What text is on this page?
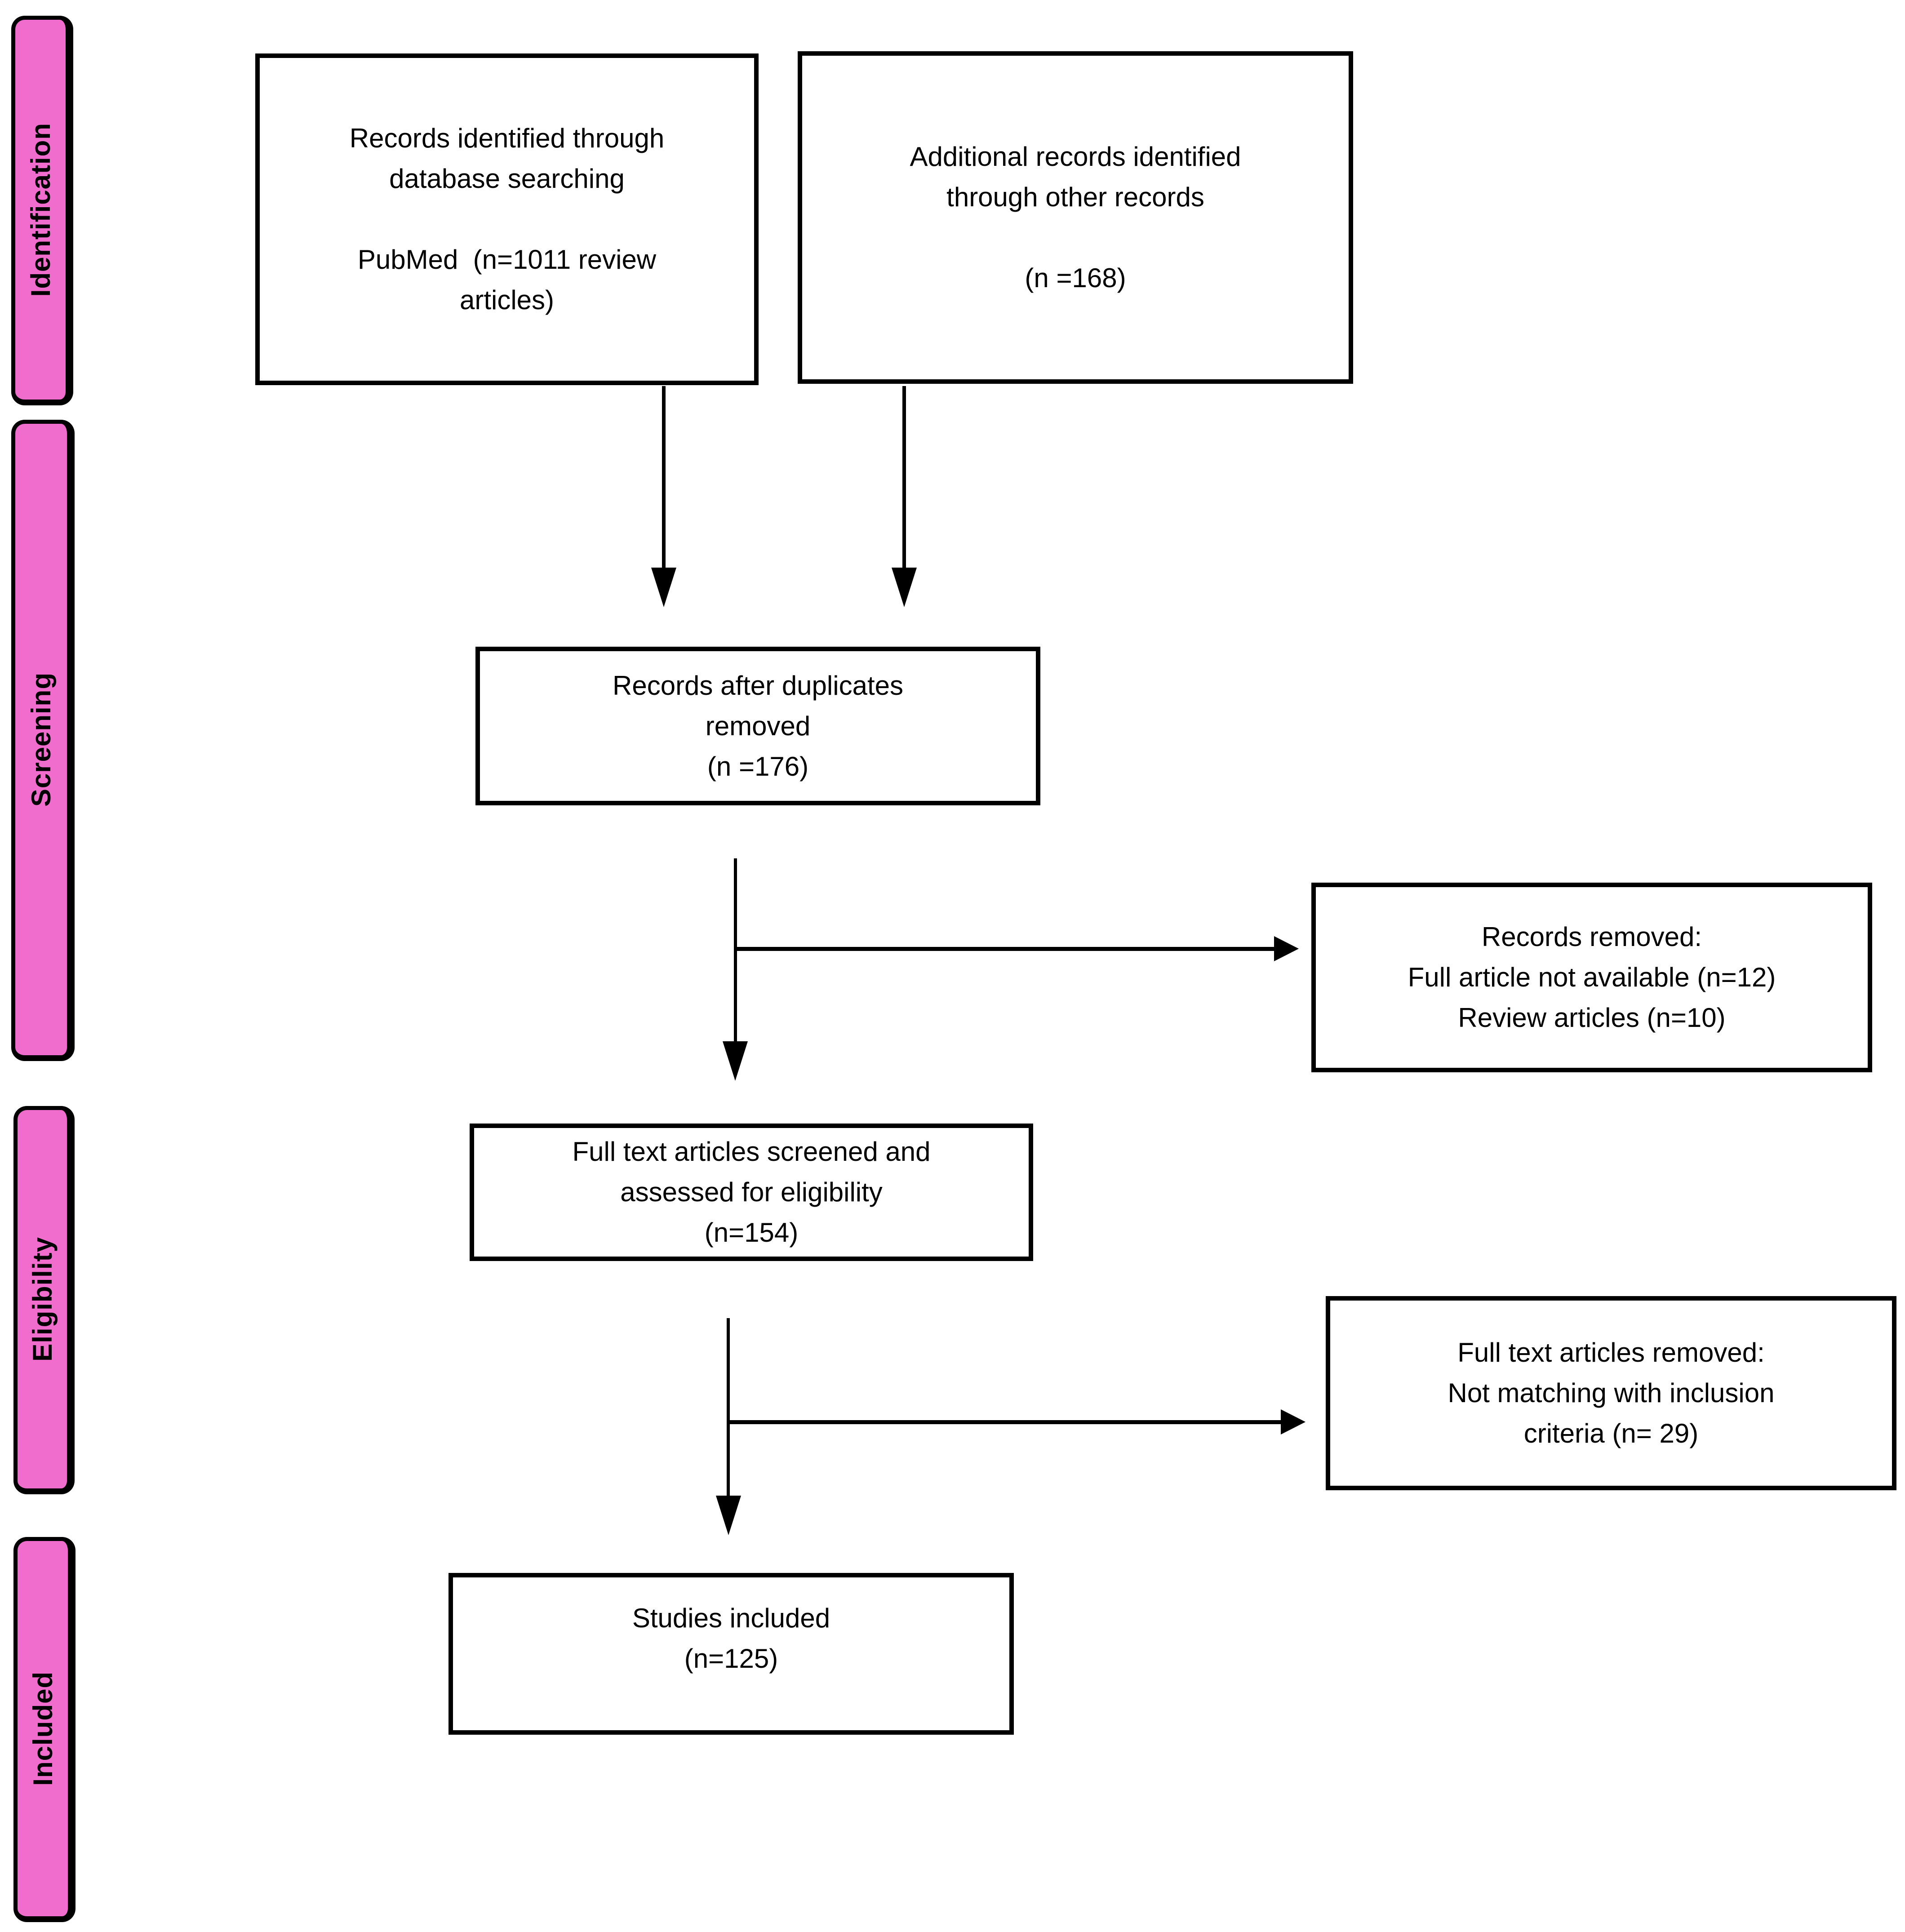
Identification
Screening
Eligibility
Included
Records identified through
database searching

PubMed  (n=1011 review
articles)
Additional records identified
through other records

(n =168)
Records after duplicates
removed
(n =176)
Records removed:
Full article not available (n=12)
Review articles (n=10)
Full text articles screened and
assessed for eligibility
(n=154)
Full text articles removed:
Not matching with inclusion
criteria (n= 29)
Studies included
(n=125)
